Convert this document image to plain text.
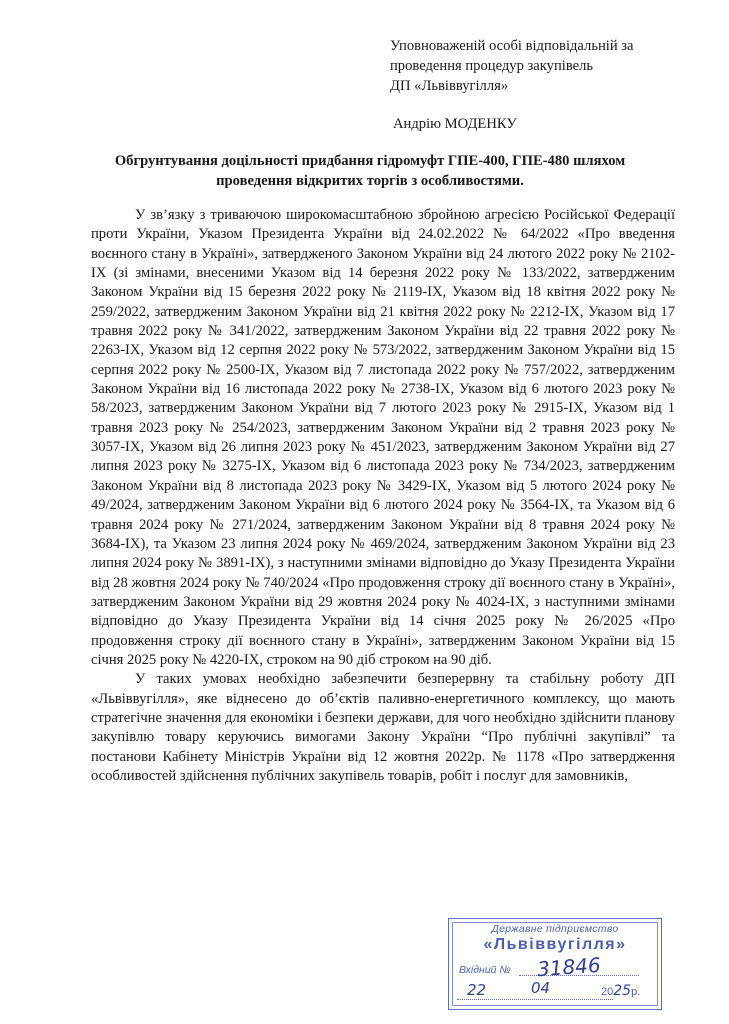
Уповноваженій особі відповідальній за
проведення процедур закупівель
ДП «Львіввугілля»
Андрію МОДЕНКУ
Обгрунтування доцільності придбання гідромуфт ГПЕ-400, ГПЕ-480 шляхом проведення відкритих торгів з особливостями.

У зв’язку з триваючою широкомасштабною збройною агресією Російської Федерації проти України, Указом Президента України від 24.02.2022 № 64/2022 «Про введення воєнного стану в Україні», затвердженого Законом України від 24 лютого 2022 року № 2102-IX (зі змінами, внесеними Указом від 14 березня 2022 року № 133/2022, затвердженим Законом України від 15 березня 2022 року № 2119-IX, Указом від 18 квітня 2022 року № 259/2022, затвердженим Законом України від 21 квітня 2022 року № 2212-IX, Указом від 17 травня 2022 року № 341/2022, затвердженим Законом України від 22 травня 2022 року № 2263-IX, Указом від 12 серпня 2022 року № 573/2022, затвердженим Законом України від 15 серпня 2022 року № 2500-IX, Указом від 7 листопада 2022 року № 757/2022, затвердженим Законом України від 16 листопада 2022 року № 2738-IX, Указом від 6 лютого 2023 року № 58/2023, затвердженим Законом України від 7 лютого 2023 року № 2915-IX, Указом від 1 травня 2023 року № 254/2023, затвердженим Законом України від 2 травня 2023 року № 3057-IX, Указом від 26 липня 2023 року № 451/2023, затвердженим Законом України від 27 липня 2023 року № 3275-IX, Указом від 6 листопада 2023 року № 734/2023, затвердженим Законом України від 8 листопада 2023 року № 3429-IX, Указом від 5 лютого 2024 року № 49/2024, затвердженим Законом України від 6 лютого 2024 року № 3564-IX, та Указом від 6 травня 2024 року № 271/2024, затвердженим Законом України від 8 травня 2024 року № 3684-IX), та Указом 23 липня 2024 року № 469/2024, затвердженим Законом України від 23 липня 2024 року № 3891-IX), з наступними змінами відповідно до Указу Президента України від 28 жовтня 2024 року № 740/2024 «Про продовження строку дії воєнного стану в Україні», затвердженим Законом України від 29 жовтня 2024 року № 4024-IX, з наступними змінами відповідно до Указу Президента України від 14 січня 2025 року № 26/2025 «Про продовження строку дії воєнного стану в Україні», затвердженим Законом України від 15 січня 2025 року № 4220-IX, строком на 90 діб строком на 90 діб.

У таких умовах необхідно забезпечити безперервну та стабільну роботу ДП «Львіввугілля», яке віднесено до об’єктів паливно-енергетичного комплексу, що мають стратегічне значення для економіки і безпеки держави, для чого необхідно здійснити планову закупівлю товару керуючись вимогами Закону України “Про публічні закупівлі” та постанови Кабінету Міністрів України від 12 жовтня 2022р. № 1178 «Про затвердження особливостей здійснення публічних закупівель товарів, робіт і послуг для замовників,

Державне підприємство
«Львіввугілля»
Вхідний № 31846
22	04	2025р.
